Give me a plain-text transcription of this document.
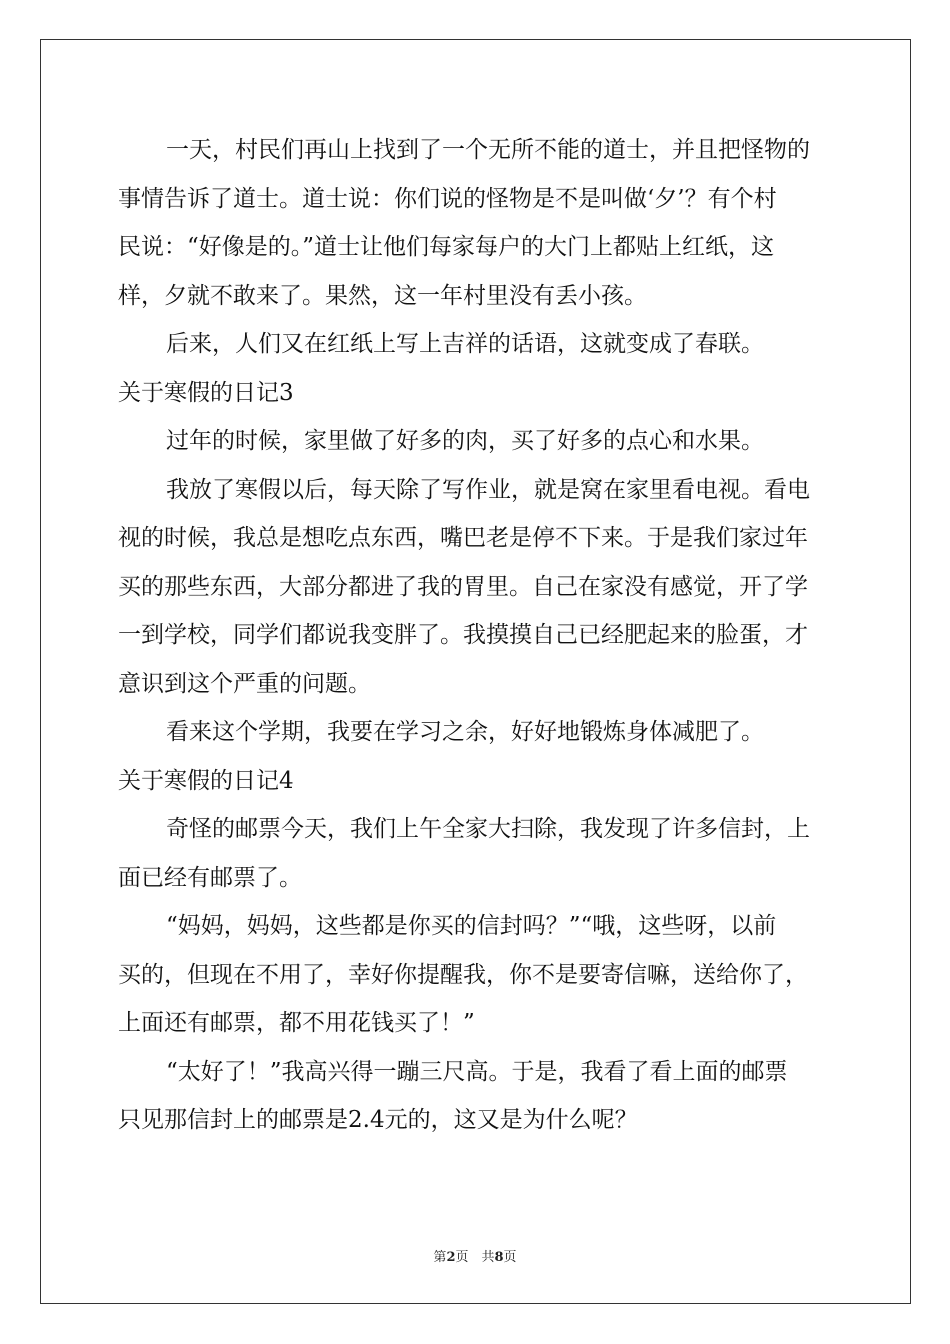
一天，村民们再山上找到了一个无所不能的道士，并且把怪物的
事情告诉了道士。道士说：你们说的怪物是不是叫做‘夕’？有个村
民说：“好像是的。”道士让他们每家每户的大门上都贴上红纸，这
样，夕就不敢来了。果然，这一年村里没有丢小孩。
后来，人们又在红纸上写上吉祥的话语，这就变成了春联。
关于寒假的日记3
过年的时候，家里做了好多的肉，买了好多的点心和水果。
我放了寒假以后，每天除了写作业，就是窝在家里看电视。看电
视的时候，我总是想吃点东西，嘴巴老是停不下来。于是我们家过年
买的那些东西，大部分都进了我的胃里。自己在家没有感觉，开了学
一到学校，同学们都说我变胖了。我摸摸自己已经肥起来的脸蛋，才
意识到这个严重的问题。
看来这个学期，我要在学习之余，好好地锻炼身体减肥了。
关于寒假的日记4
奇怪的邮票今天，我们上午全家大扫除，我发现了许多信封，上
面已经有邮票了。
“妈妈，妈妈，这些都是你买的信封吗？”“哦，这些呀，以前
买的，但现在不用了，幸好你提醒我，你不是要寄信嘛，送给你了，
上面还有邮票，都不用花钱买了！”
“太好了！”我高兴得一蹦三尺高。于是，我看了看上面的邮票
只见那信封上的邮票是2.4元的，这又是为什么呢？
第2页　共8页
